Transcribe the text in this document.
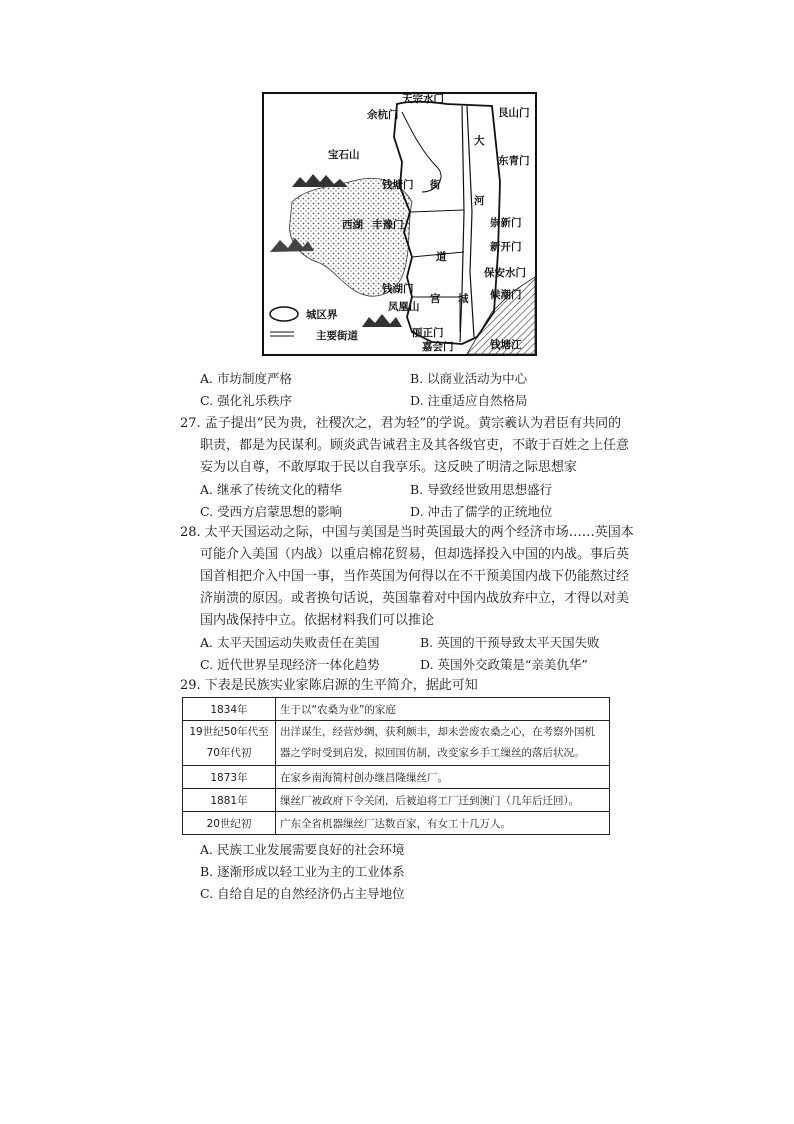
城区界
主要街道
天宗水门
余杭门	艮山门
大
宝石山	东青门
钱塘门 街
河
西湖 丰豫门	崇新门
新开门
道
保安水门
钱湖门
凤凰山
宫 城 候潮门
丽正门
嘉会门	钱塘江
A. 市坊制度严格	B. 以商业活动为中心
C. 强化礼乐秩序	D. 注重适应自然格局
27. 孟子提出“民为贵，社稷次之，君为轻”的学说。黄宗羲认为君臣有共同的
职责，都是为民谋利。顾炎武告诫君主及其各级官吏，不敢于百姓之上任意
妄为以自尊，不敢厚取于民以自我享乐。这反映了明清之际思想家
A. 继承了传统文化的精华	B. 导致经世致用思想盛行
C. 受西方启蒙思想的影响	D. 冲击了儒学的正统地位
28. 太平天国运动之际，中国与美国是当时英国最大的两个经济市场……英国本
可能介入美国（内战）以重启棉花贸易，但却选择投入中国的内战。事后英
国首相把介入中国一事，当作英国为何得以在不干预美国内战下仍能熬过经
济崩溃的原因。或者换句话说，英国靠着对中国内战放弃中立，才得以对美
国内战保持中立。依据材料我们可以推论
A. 太平天国运动失败责任在美国	B. 英国的干预导致太平天国失败
C. 近代世界呈现经济一体化趋势	D. 英国外交政策是“亲美仇华”
29. 下表是民族实业家陈启源的生平简介，据此可知
1834年	生于以“农桑为业”的家庭
19世纪50年代至70年代初	出洋谋生，经营炒绸，获利颇丰，却未尝废农桑之心，在考察外国机器之学时受到启发，拟回国仿制，改变家乡手工缫丝的落后状况。
1873年	在家乡南海简村创办继昌隆缫丝厂。
1881年	缫丝厂被政府下令关闭，后被迫将工厂迁到澳门（几年后迁回）。
20世纪初	广东全省机器缫丝厂达数百家，有女工十几万人。
A. 民族工业发展需要良好的社会环境
B. 逐渐形成以轻工业为主的工业体系
C. 自给自足的自然经济仍占主导地位
